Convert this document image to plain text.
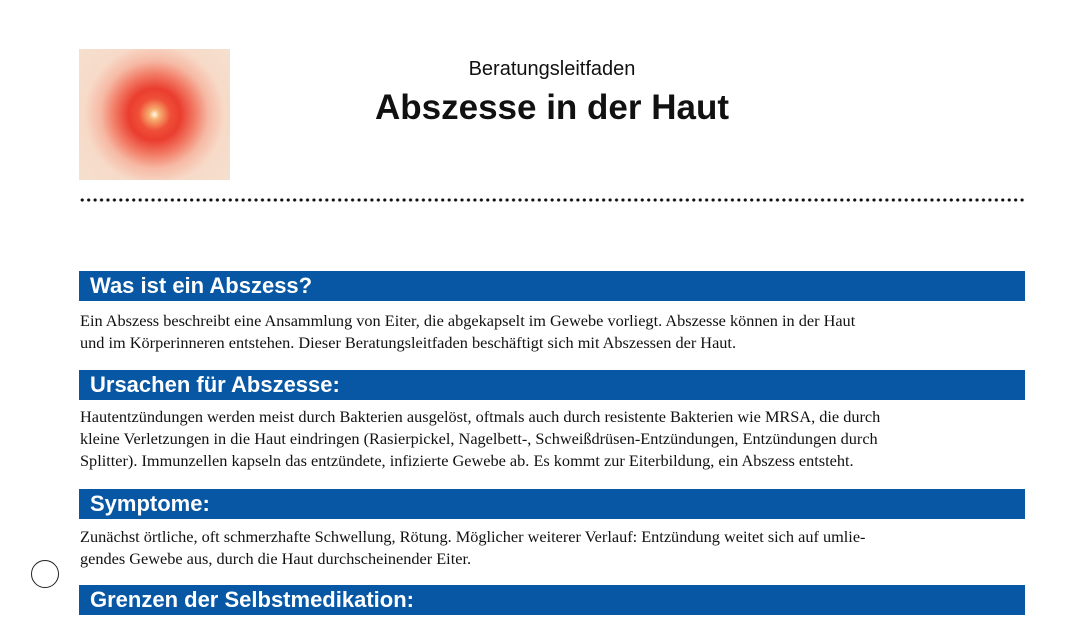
Beratungsleitfaden
Abszesse in der Haut
Was ist ein Abszess?
Ein Abszess beschreibt eine Ansammlung von Eiter, die abgekapselt im Gewebe vorliegt. Abszesse können in der Haut
und im Körperinneren entstehen. Dieser Beratungsleitfaden beschäftigt sich mit Abszessen der Haut.
Ursachen für Abszesse:
Hautentzündungen werden meist durch Bakterien ausgelöst, oftmals auch durch resistente Bakterien wie MRSA, die durch
kleine Verletzungen in die Haut eindringen (Rasierpickel, Nagelbett-, Schweißdrüsen-Entzündungen, Entzündungen durch
Splitter). Immunzellen kapseln das entzündete, infizierte Gewebe ab. Es kommt zur Eiterbildung, ein Abszess entsteht.
Symptome:
Zunächst örtliche, oft schmerzhafte Schwellung, Rötung. Möglicher weiterer Verlauf: Entzündung weitet sich auf umlie-
gendes Gewebe aus, durch die Haut durchscheinender Eiter.
Grenzen der Selbstmedikation:
